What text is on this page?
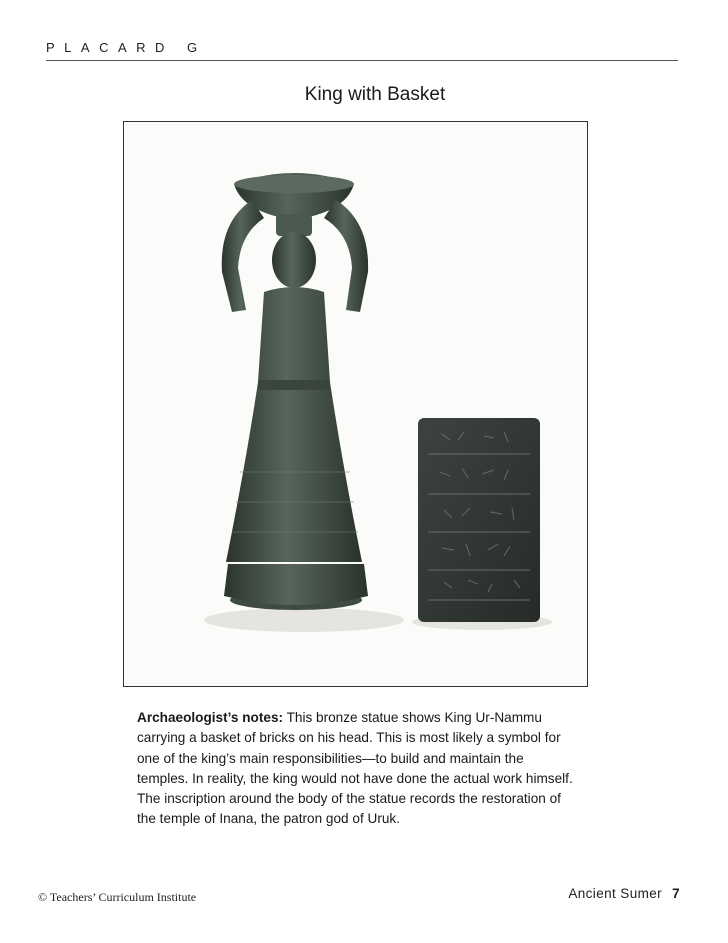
PLACARD G
King with Basket
Archaeologist’s notes: This bronze statue shows King Ur-Nammu carrying a basket of bricks on his head. This is most likely a symbol for one of the king’s main responsibilities—to build and maintain the temples. In reality, the king would not have done the actual work himself. The inscription around the body of the statue records the restoration of the temple of Inana, the patron god of Uruk.
© Teachers’ Curriculum Institute	Ancient Sumer 7
